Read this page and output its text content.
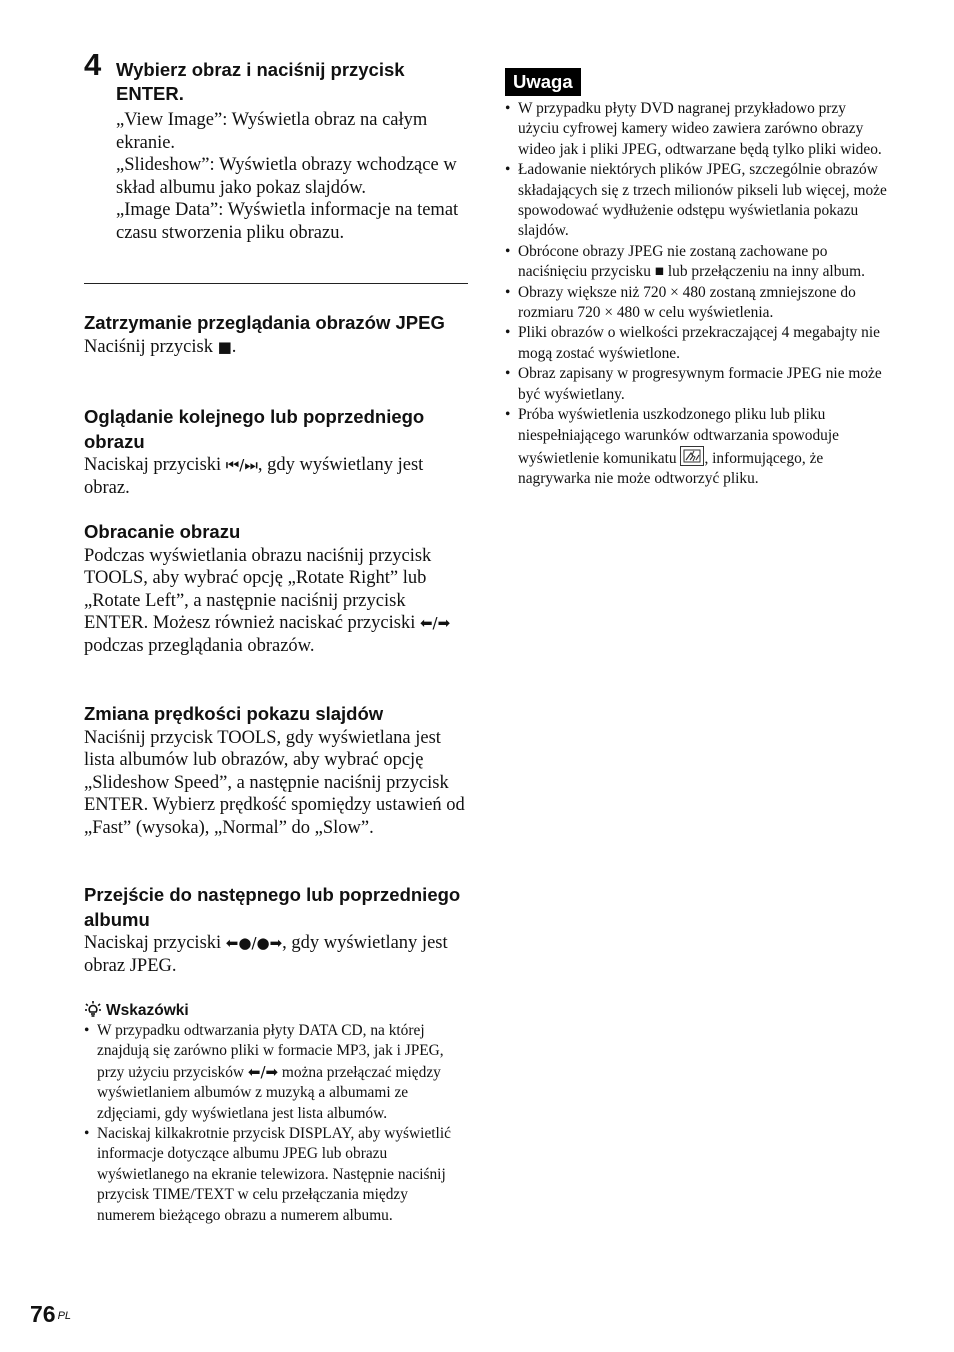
4 Wybierz obraz i naciśnij przycisk ENTER.
„View Image”: Wyświetla obraz na całym ekranie.
„Slideshow”: Wyświetla obrazy wchodzące w skład albumu jako pokaz slajdów.
„Image Data”: Wyświetla informacje na temat czasu stworzenia pliku obrazu.
Zatrzymanie przeglądania obrazów JPEG

Naciśnij przycisk ■.

Oglądanie kolejnego lub poprzedniego obrazu

Naciskaj przyciski ⏮/⏭, gdy wyświetlany jest obraz.

Obracanie obrazu

Podczas wyświetlania obrazu naciśnij przycisk TOOLS, aby wybrać opcję „Rotate Right” lub „Rotate Left”, a następnie naciśnij przycisk ENTER. Możesz również naciskać przyciski ⬅/➡ podczas przeglądania obrazów.

Zmiana prędkości pokazu slajdów

Naciśnij przycisk TOOLS, gdy wyświetlana jest lista albumów lub obrazów, aby wybrać opcję „Slideshow Speed”, a następnie naciśnij przycisk ENTER. Wybierz prędkość spomiędzy ustawień od „Fast” (wysoka), „Normal” do „Slow”.

Przejście do następnego lub poprzedniego albumu

Naciskaj przyciski ⬅●/●➡, gdy wyświetlany jest obraz JPEG.

Wskazówki
• W przypadku odtwarzania płyty DATA CD, na której znajdują się zarówno pliki w formacie MP3, jak i JPEG, przy użyciu przycisków ⬅/➡ można przełączać między wyświetlaniem albumów z muzyką a albumami ze zdjęciami, gdy wyświetlana jest lista albumów.
• Naciskaj kilkakrotnie przycisk DISPLAY, aby wyświetlić informacje dotyczące albumu JPEG lub obrazu wyświetlanego na ekranie telewizora. Następnie naciśnij przycisk TIME/TEXT w celu przełączania między numerem bieżącego obrazu a numerem albumu.
Uwaga
• W przypadku płyty DVD nagranej przykładowo przy użyciu cyfrowej kamery wideo zawiera zarówno obrazy wideo jak i pliki JPEG, odtwarzane będą tylko pliki wideo.
• Ładowanie niektórych plików JPEG, szczególnie obrazów składających się z trzech milionów pikseli lub więcej, może spowodować wydłużenie odstępu wyświetlania pokazu slajdów.
• Obrócone obrazy JPEG nie zostaną zachowane po naciśnięciu przycisku ■ lub przełączeniu na inny album.
• Obrazy większe niż 720 × 480 zostaną zmniejszone do rozmiaru 720 × 480 w celu wyświetlenia.
• Pliki obrazów o wielkości przekraczającej 4 megabajty nie mogą zostać wyświetlone.
• Obraz zapisany w progresywnym formacie JPEG nie może być wyświetlany.
• Próba wyświetlenia uszkodzonego pliku lub pliku niespełniającego warunków odtwarzania spowoduje wyświetlenie komunikatu
, informującego, że nagrywarka nie może odtworzyć pliku.
76 $^{PL}$
